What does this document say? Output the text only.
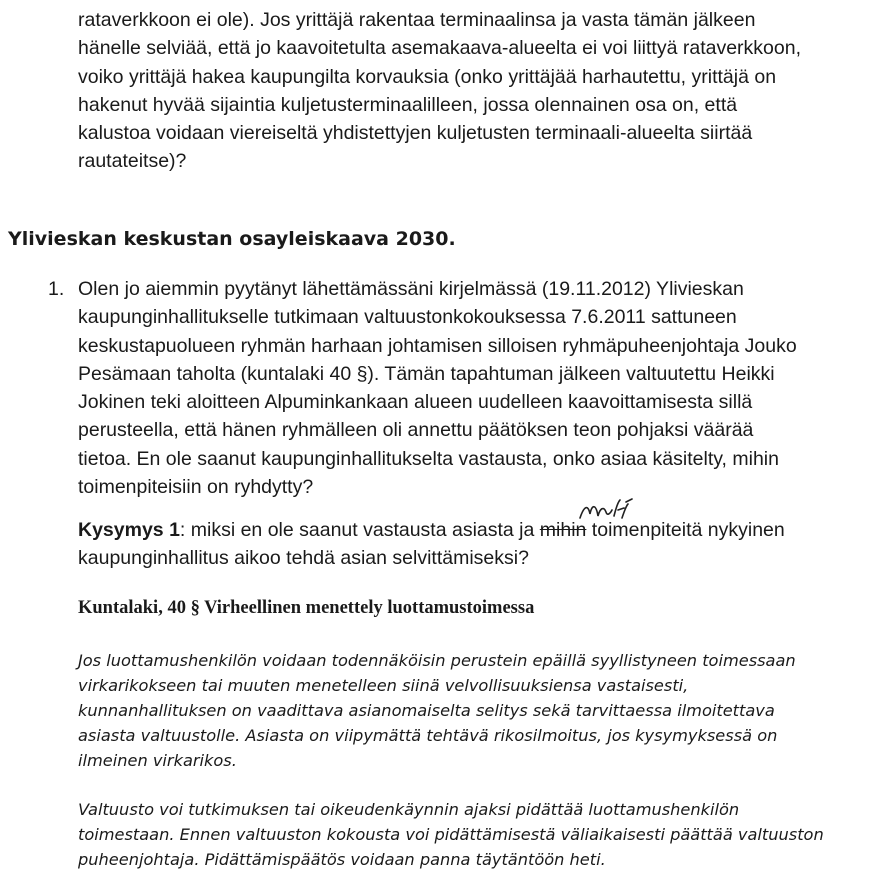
rataverkkoon ei ole). Jos yrittäjä rakentaa terminaalinsa ja vasta tämän jälkeen
hänelle selviää, että jo kaavoitetulta asemakaava-alueelta ei voi liittyä rataverkkoon,
voiko yrittäjä hakea kaupungilta korvauksia (onko yrittäjää harhautettu, yrittäjä on
hakenut hyvää sijaintia kuljetusterminaalilleen, jossa olennainen osa on, että
kalustoa voidaan viereiseltä yhdistettyjen kuljetusten terminaali-alueelta siirtää
rautateitse)?

Ylivieskan keskustan osayleiskaava 2030.
1. Olen jo aiemmin pyytänyt lähettämässäni kirjelmässä (19.11.2012) Ylivieskan
kaupunginhallitukselle tutkimaan valtuustonkokouksessa 7.6.2011 sattuneen
keskustapuolueen ryhmän harhaan johtamisen silloisen ryhmäpuheenjohtaja Jouko
Pesämaan taholta (kuntalaki 40 §). Tämän tapahtuman jälkeen valtuutettu Heikki
Jokinen teki aloitteen Alpuminkankaan alueen uudelleen kaavoittamisesta sillä
perusteella, että hänen ryhmälleen oli annettu päätöksen teon pohjaksi väärää
tietoa. En ole saanut kaupunginhallitukselta vastausta, onko asiaa käsitelty, mihin
toimenpiteisiin on ryhdytty?

Kysymys 1: miksi en ole saanut vastausta asiasta ja mihin toimenpiteitä nykyinen
kaupunginhallitus aikoo tehdä asian selvittämiseksi?

Kuntalaki, 40 § Virheellinen menettely luottamustoimessa

Jos luottamushenkilön voidaan todennäköisin perustein epäillä syyllistyneen toimessaan
virkarikokseen tai muuten menetelleen siinä velvollisuuksiensa vastaisesti,
kunnanhallituksen on vaadittava asianomaiselta selitys sekä tarvittaessa ilmoitettava
asiasta valtuustolle. Asiasta on viipymättä tehtävä rikosilmoitus, jos kysymyksessä on
ilmeinen virkarikos.

Valtuusto voi tutkimuksen tai oikeudenkäynnin ajaksi pidättää luottamushenkilön
toimestaan. Ennen valtuuston kokousta voi pidättämisestä väliaikaisesti päättää valtuuston
puheenjohtaja. Pidättämispäätös voidaan panna täytäntöön heti.
